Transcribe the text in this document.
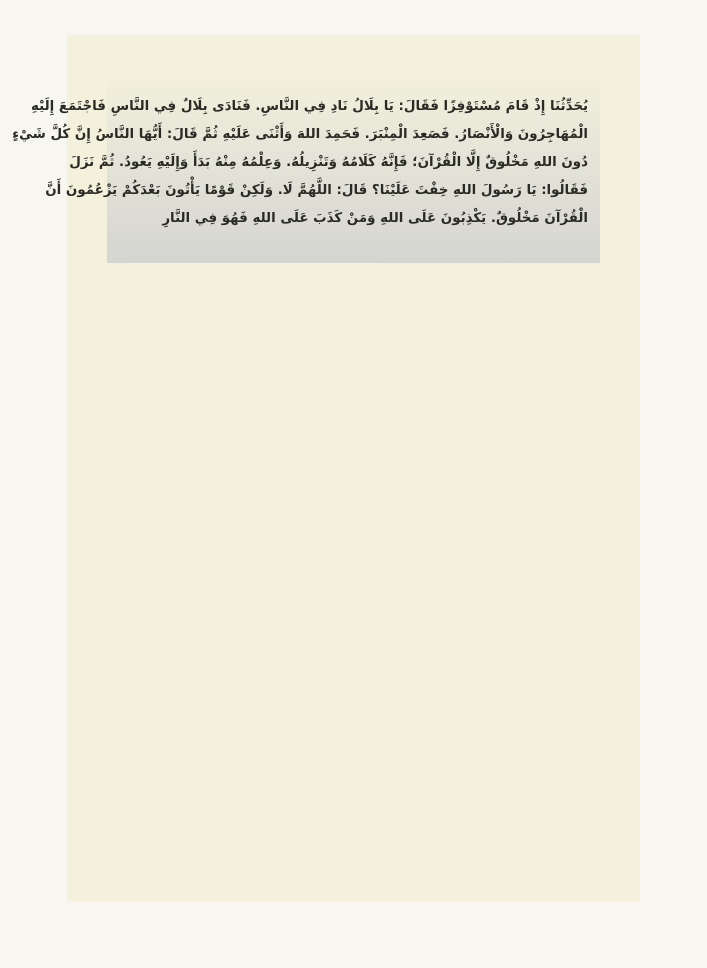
يُحَدِّثُنَا إِذْ قَامَ مُسْتَوْفِزًا فَقَالَ: يَا بِلَالُ نَادِ فِي النَّاسِ. فَنَادَى بِلَالٌ فِي النَّاسِ فَاجْتَمَعَ إِلَيْهِ
الْمُهَاجِرُونَ وَالْأَنْصَارُ. فَصَعِدَ الْمِنْبَرَ. فَحَمِدَ اللهَ وَأَثْنَى عَلَيْهِ ثُمَّ قَالَ: أَيُّهَا النَّاسُ إِنَّ كُلَّ شَيْءٍ
دُونَ اللهِ مَخْلُوقٌ إِلَّا الْقُرْآنَ؛ فَإِنَّهُ كَلَامُهُ وَتَنْزِيلُهُ. وَعِلْمُهُ مِنْهُ بَدَأَ وَإِلَيْهِ يَعُودُ. ثُمَّ نَزَلَ
فَقَالُوا: يَا رَسُولَ اللهِ خِفْتَ عَلَيْنَا؟ قَالَ: اللَّهُمَّ لَا. وَلَكِنْ قَوْمًا يَأْتُونَ بَعْدَكُمْ يَزْعُمُونَ أَنَّ
الْقُرْآنَ مَخْلُوقٌ. يَكْذِبُونَ عَلَى اللهِ وَمَنْ كَذَبَ عَلَى اللهِ فَهُوَ فِي النَّارِ
